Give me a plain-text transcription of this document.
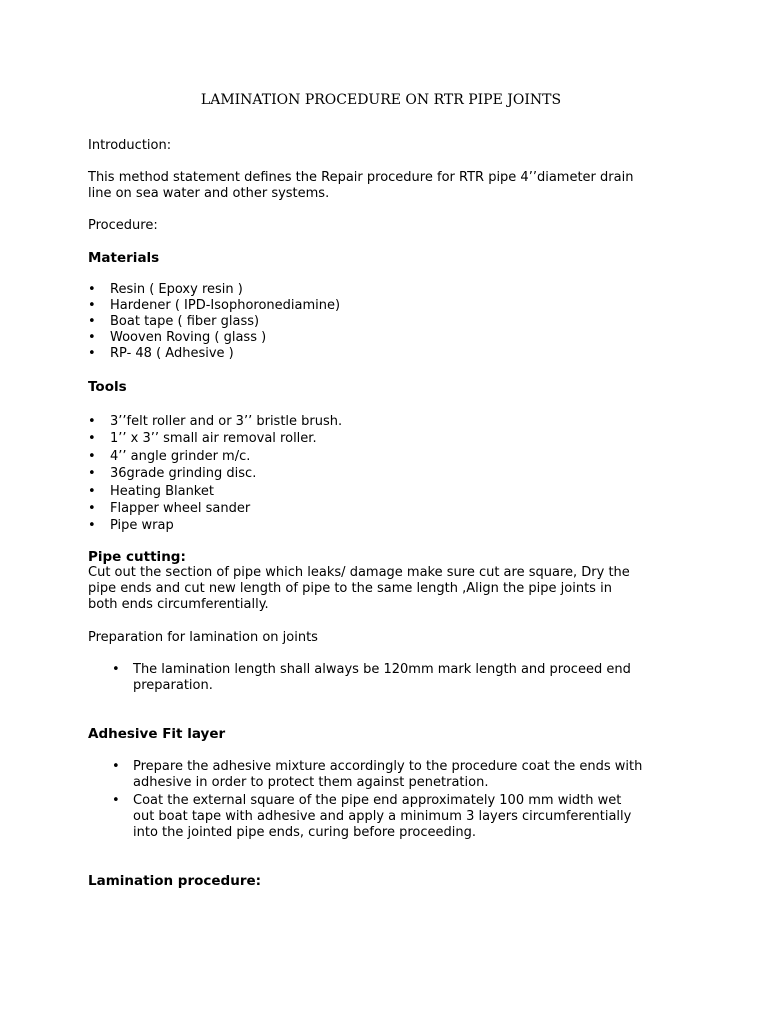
LAMINATION PROCEDURE ON RTR PIPE JOINTS

Introduction:

This method statement defines the Repair procedure for RTR pipe 4’’diameter drain
line on sea water and other systems.

Procedure:

Materials

• Resin ( Epoxy resin )
• Hardener ( IPD-Isophoronediamine)
• Boat tape ( fiber glass)
• Wooven Roving ( glass )
• RP- 48 ( Adhesive )

Tools

• 3’’felt roller and or 3’’ bristle brush.
• 1’’ x 3’’ small air removal roller.
• 4’’ angle grinder m/c.
• 36grade grinding disc.
• Heating Blanket
• Flapper wheel sander
• Pipe wrap
Pipe cutting:
Cut out the section of pipe which leaks/ damage make sure cut are square, Dry the
pipe ends and cut new length of pipe to the same length ,Align the pipe joints in
both ends circumferentially.

Preparation for lamination on joints

• The lamination length shall always be 120mm mark length and proceed end
preparation.

Adhesive Fit layer

• Prepare the adhesive mixture accordingly to the procedure coat the ends with
adhesive in order to protect them against penetration.
• Coat the external square of the pipe end approximately 100 mm width wet
out boat tape with adhesive and apply a minimum 3 layers circumferentially
into the jointed pipe ends, curing before proceeding.

Lamination procedure:
